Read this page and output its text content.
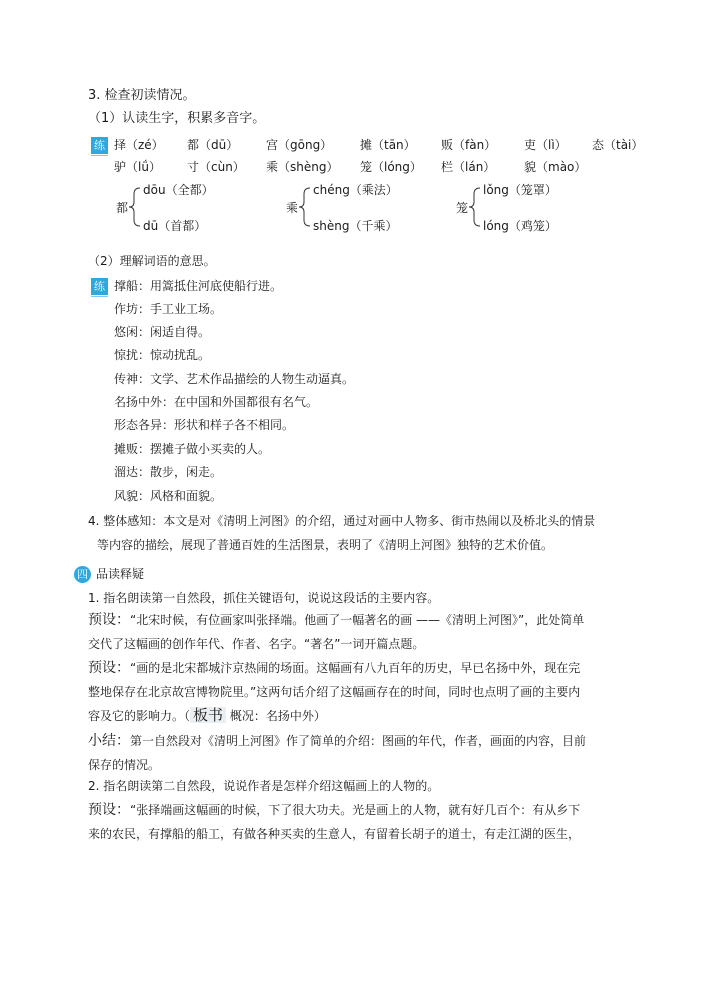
3. 检查初读情况。
（1）认读生字，积累多音字。
练 择（zé） 都（dū） 宫（gōng） 摊（tān） 贩（fàn） 吏（lì） 态（tài）
驴（lǘ） 寸（cùn） 乘（shèng） 笼（lóng） 栏（lán） 貌（mào）
都
dōu（全都）
dū（首都）
乘
chéng（乘法）
shèng（千乘）
笼
lǒng（笼罩）
lóng（鸡笼）
（2）理解词语的意思。
练 撑船：用篙抵住河底使船行进。
作坊：手工业工场。
悠闲：闲适自得。
惊扰：惊动扰乱。
传神：文学、艺术作品描绘的人物生动逼真。
名扬中外：在中国和外国都很有名气。
形态各异：形状和样子各不相同。
摊贩：摆摊子做小买卖的人。
溜达：散步，闲走。
风貌：风格和面貌。
4. 整体感知：本文是对《清明上河图》的介绍，通过对画中人物多、街市热闹以及桥北头的情景
等内容的描绘，展现了普通百姓的生活图景，表明了《清明上河图》独特的艺术价值。
四 品读释疑
1. 指名朗读第一自然段，抓住关键语句，说说这段话的主要内容。
预设：“北宋时候，有位画家叫张择端。他画了一幅著名的画 ——《清明上河图》”，此处简单
交代了这幅画的创作年代、作者、名字。“著名”一词开篇点题。
预设：“画的是北宋都城汴京热闹的场面。这幅画有八九百年的历史，早已名扬中外，现在完
整地保存在北京故宫博物院里。”这两句话介绍了这幅画存在的时间，同时也点明了画的主要内
容及它的影响力。（ 板书 概况：名扬中外）
小结：第一自然段对《清明上河图》作了简单的介绍：图画的年代，作者，画面的内容，目前
保存的情况。
2. 指名朗读第二自然段，说说作者是怎样介绍这幅画上的人物的。
预设：“张择端画这幅画的时候，下了很大功夫。光是画上的人物，就有好几百个：有从乡下
来的农民，有撑船的船工，有做各种买卖的生意人，有留着长胡子的道士，有走江湖的医生，
